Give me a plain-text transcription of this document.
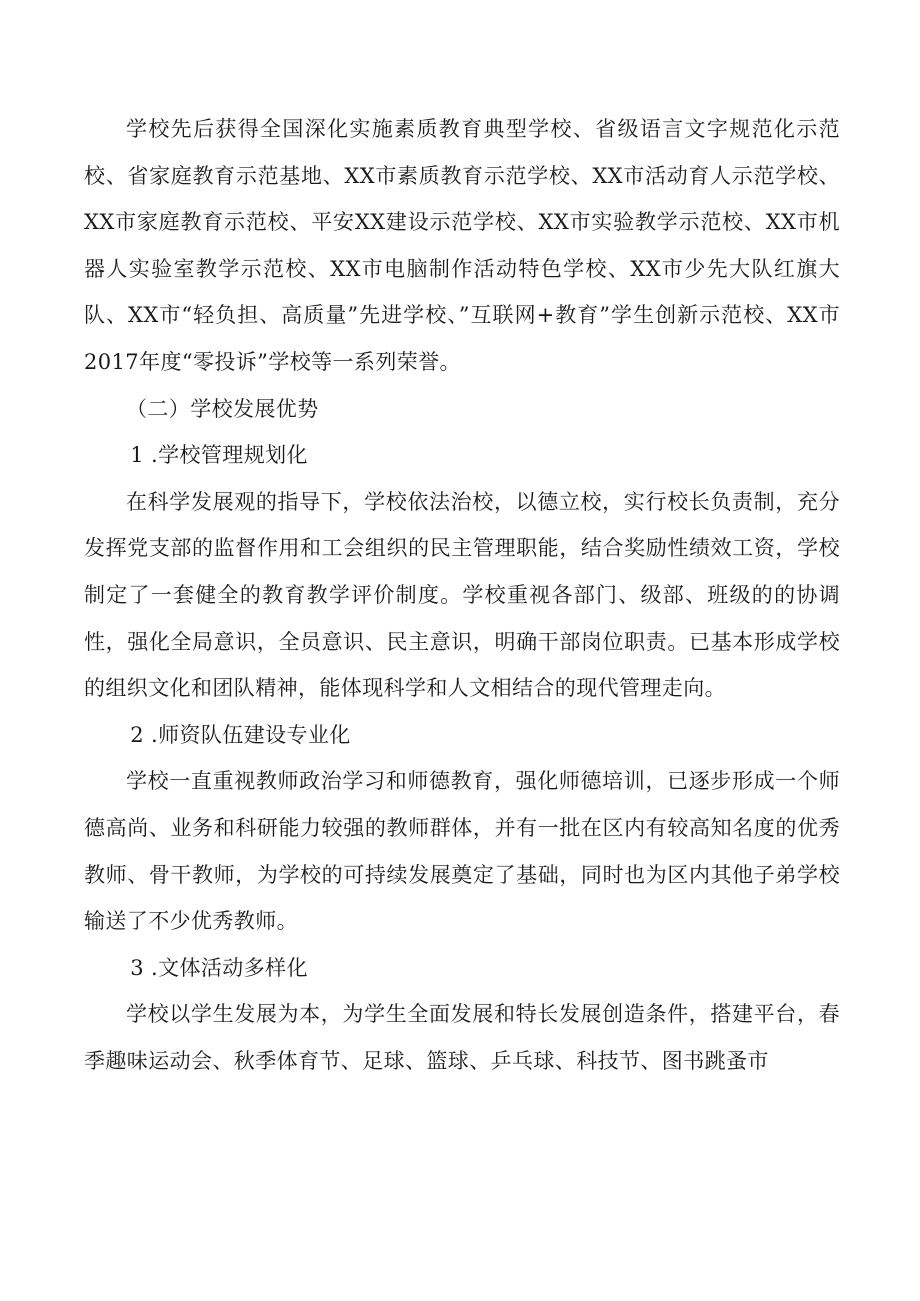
学校先后获得全国深化实施素质教育典型学校、省级语言文字规范化示范校、省家庭教育示范基地、XX市素质教育示范学校、XX市活动育人示范学校、XX市家庭教育示范校、平安XX建设示范学校、XX市实验教学示范校、XX市机器人实验室教学示范校、XX市电脑制作活动特色学校、XX市少先大队红旗大队、XX市“轻负担、高质量”先进学校、”互联网+教育”学生创新示范校、XX市2017年度“零投诉”学校等一系列荣誉。

（二）学校发展优势

1 .学校管理规划化

在科学发展观的指导下，学校依法治校，以德立校，实行校长负责制，充分发挥党支部的监督作用和工会组织的民主管理职能，结合奖励性绩效工资，学校制定了一套健全的教育教学评价制度。学校重视各部门、级部、班级的的协调性，强化全局意识，全员意识、民主意识，明确干部岗位职责。已基本形成学校的组织文化和团队精神，能体现科学和人文相结合的现代管理走向。

2 .师资队伍建设专业化

学校一直重视教师政治学习和师德教育，强化师德培训，已逐步形成一个师德高尚、业务和科研能力较强的教师群体，并有一批在区内有较高知名度的优秀教师、骨干教师，为学校的可持续发展奠定了基础，同时也为区内其他子弟学校输送了不少优秀教师。

3 .文体活动多样化

学校以学生发展为本，为学生全面发展和特长发展创造条件，搭建平台，春季趣味运动会、秋季体育节、足球、篮球、乒乓球、科技节、图书跳蚤市
